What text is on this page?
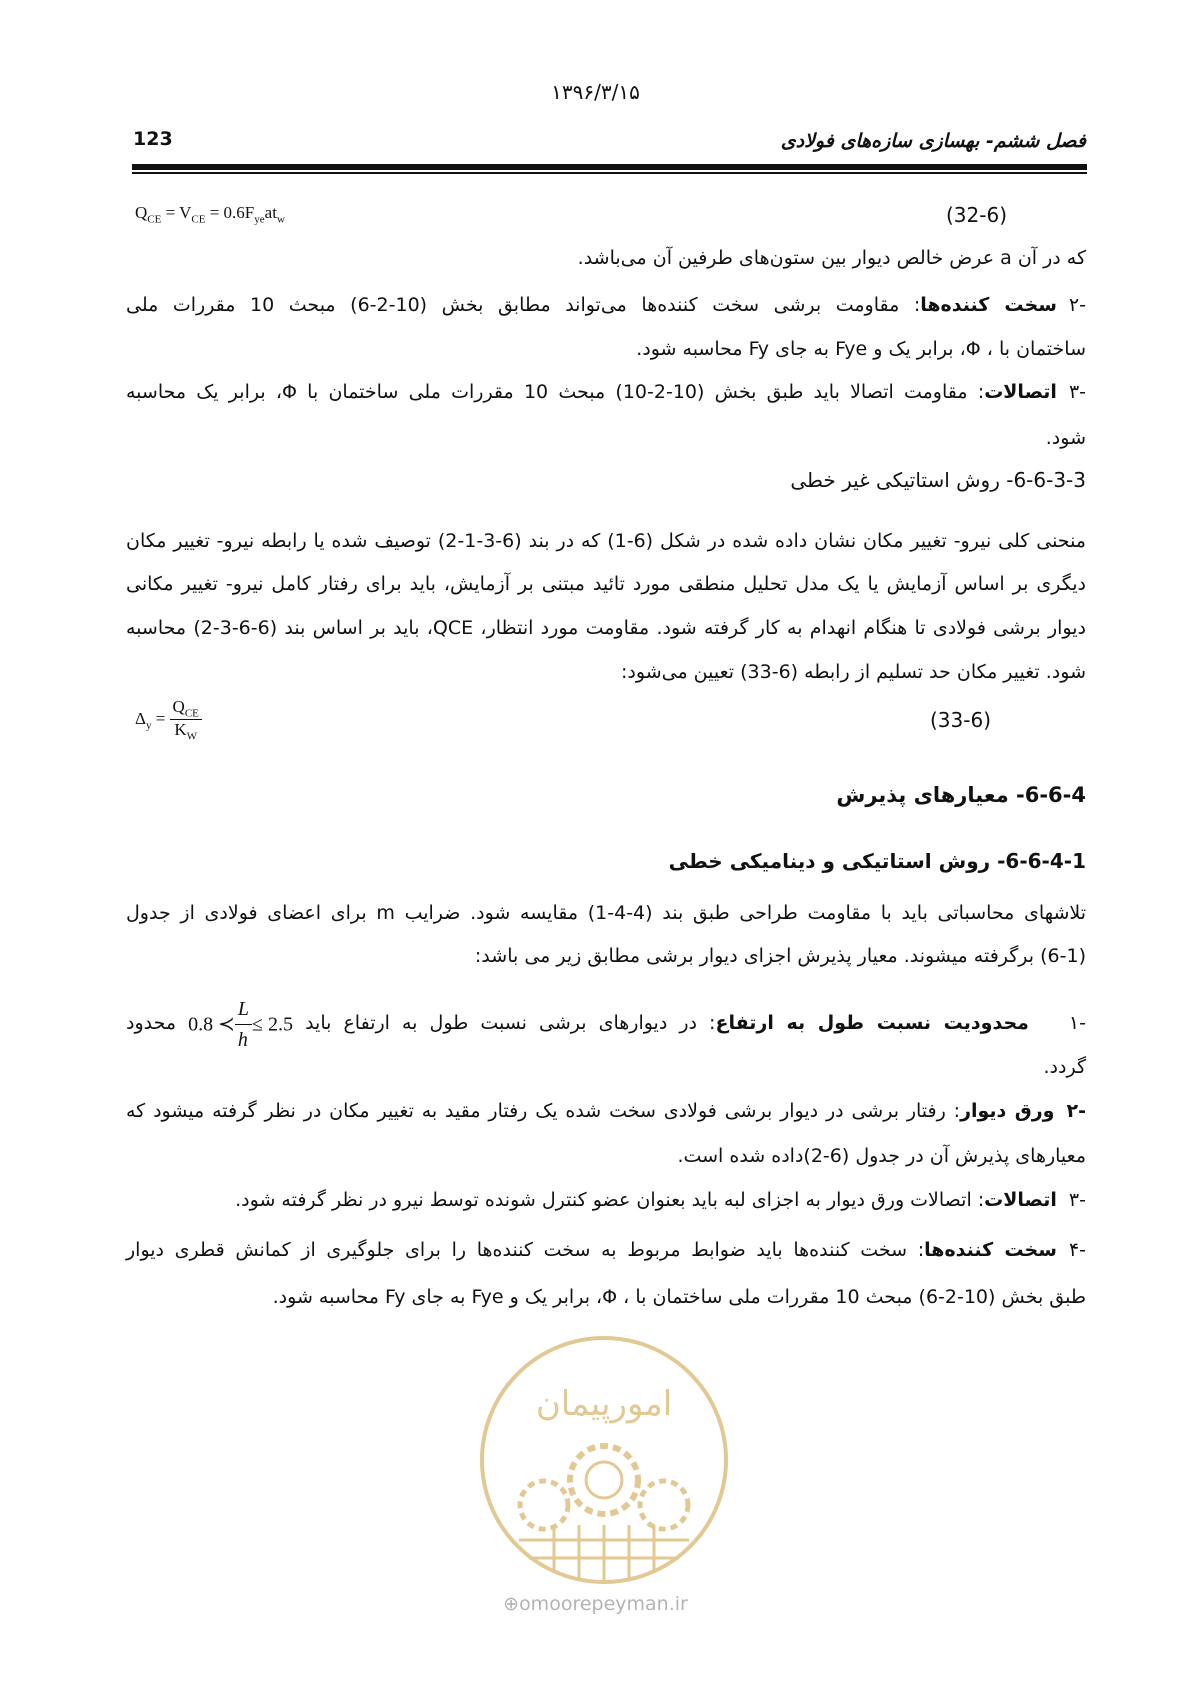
۱۳۹۶/۳/۱۵
123	فصل ششم- بهسازی سازه‌های فولادی
$Q_{CE} = V_{CE} = 0.6F_{ye}at_w$	(32-6)
که در آن a عرض خالص دیوار بین ستون‌های طرفین آن می‌باشد.
-۲سخت کننده‌ها: مقاومت برشی سخت کننده‌ها می‌تواند مطابق بخش (10-2-6) مبحث 10 مقررات ملی
ساختمان با ، Φ، برابر یک و Fye به جای Fy محاسبه شود.
-۳اتصالات: مقاومت اتصالا باید طبق بخش (10-2-10) مبحث 10 مقررات ملی ساختمان با Φ، برابر یک محاسبه
شود.
6-6-3-3- روش استاتیکی غیر خطی
منحنی کلی نیرو- تغییر مکان نشان داده شده در شکل (6-1) که در بند (6-3-1-2) توصیف شده یا رابطه نیرو- تغییر مکان
دیگری بر اساس آزمایش یا یک مدل تحلیل منطقی مورد تائید مبتنی بر آزمایش، باید برای رفتار کامل نیرو- تغییر مکانی
دیوار برشی فولادی تا هنگام انهدام به کار گرفته شود. مقاومت مورد انتظار، QCE، باید بر اساس بند (6-6-3-2) محاسبه
شود. تغییر مکان حد تسلیم از رابطه (6-33) تعیین می‌شود:
$\Delta_y = \frac{Q_{CE}}{K_W}$	(33-6)
6-6-4- معیارهای پذیرش
6-6-4-1- روش استاتیکی و دینامیکی خطی
تلاشهای محاسباتی باید با مقاومت طراحی طبق بند (4-4-1) مقایسه شود. ضرایب m برای اعضای فولادی از جدول
(6-1) برگرفته میشوند. معیار پذیرش اجزای دیوار برشی مطابق زیر می باشد:
-۱محدودیت نسبت طول به ارتفاع: در دیوارهای برشی نسبت طول به ارتفاع باید 0.8 ≺ $\frac{L}{h} \le 2.5$ محدود
گردد.
-۲ورق دیوار: رفتار برشی در دیوار برشی فولادی سخت شده یک رفتار مقید به تغییر مکان در نظر گرفته میشود که
معیارهای پذیرش آن در جدول (6-2)داده شده است.
-۳اتصالات: اتصالات ورق دیوار به اجزای لبه باید بعنوان عضو کنترل شونده توسط نیرو در نظر گرفته شود.
-۴سخت کننده‌ها: سخت کننده‌ها باید ضوابط مربوط به سخت کننده‌ها را برای جلوگیری از کمانش قطری دیوار
طبق بخش (10-2-6) مبحث 10 مقررات ملی ساختمان با ، Φ، برابر یک و Fye به جای Fy محاسبه شود.
امورپیمان
⊕omoorepeyman.ir
